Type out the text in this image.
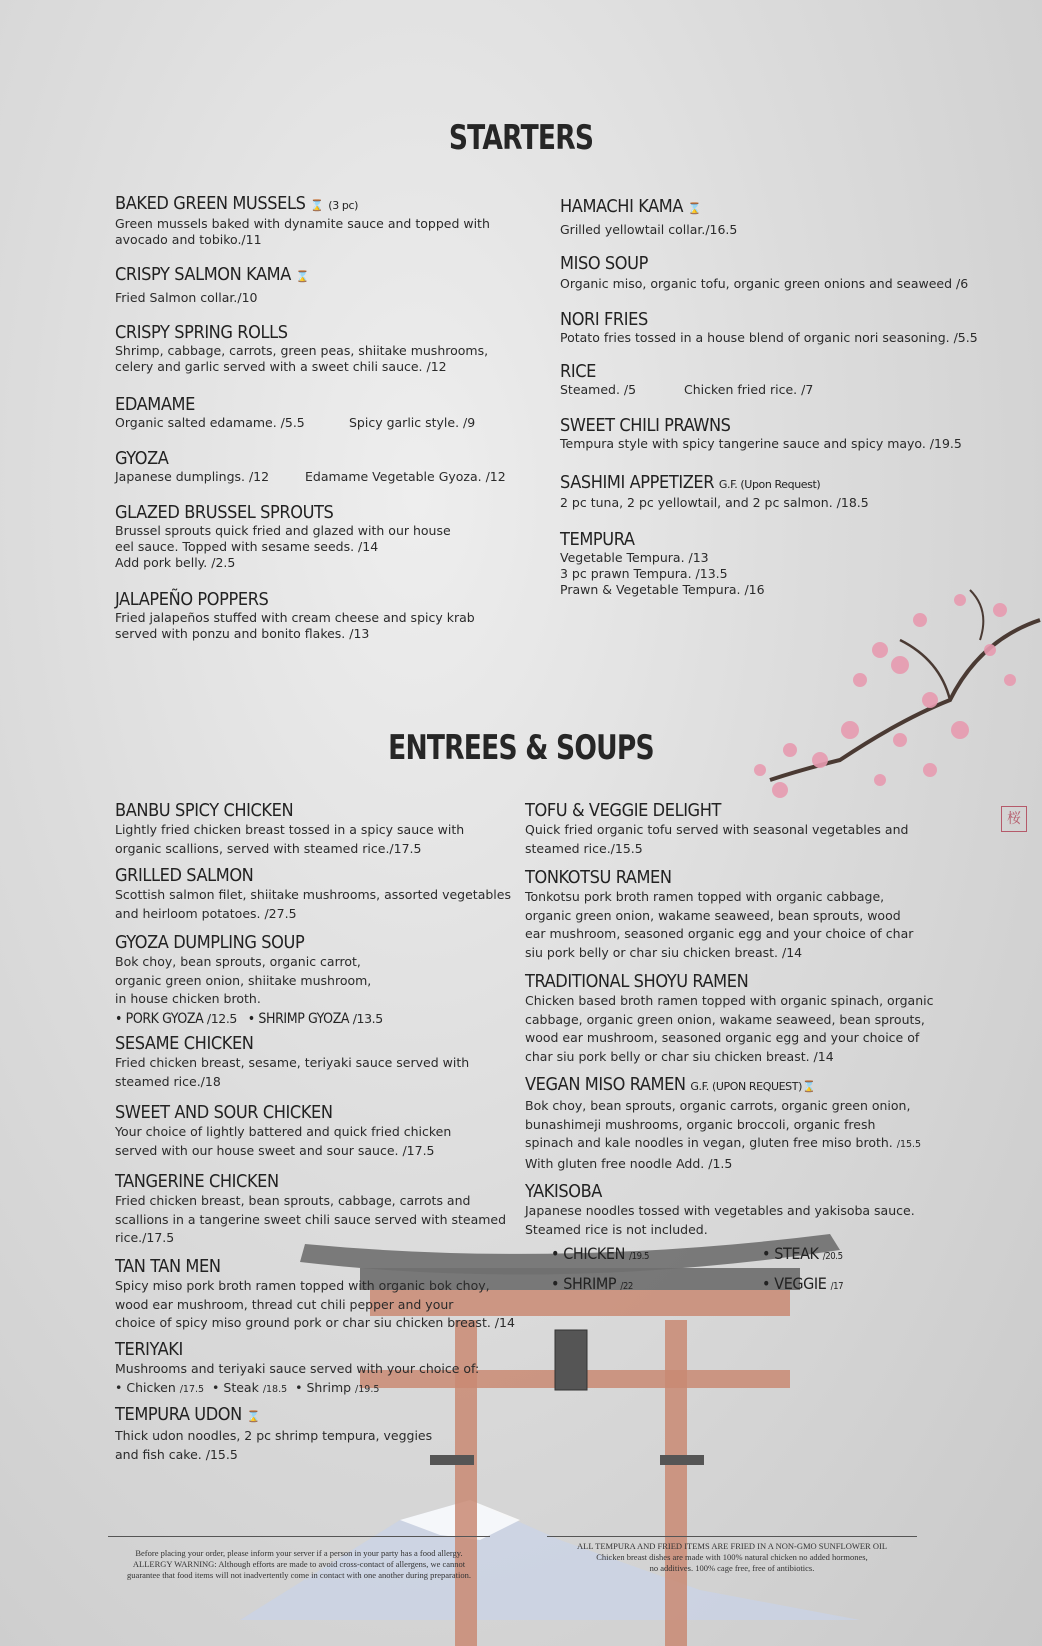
桜
STARTERS
BAKED GREEN MUSSELS ⌛ (3 pc)
Green mussels baked with dynamite sauce and topped with
avocado and tobiko./11
CRISPY SALMON KAMA ⌛
Fried Salmon collar./10
CRISPY SPRING ROLLS
Shrimp, cabbage, carrots, green peas, shiitake mushrooms,
celery and garlic served with a sweet chili sauce. /12
EDAMAME
Organic salted edamame. /5.5	Spicy garlic style. /9
GYOZA
Japanese dumplings. /12	Edamame Vegetable Gyoza. /12
GLAZED BRUSSEL SPROUTS
Brussel sprouts quick fried and glazed with our house
eel sauce. Topped with sesame seeds. /14
Add pork belly. /2.5
JALAPEÑO POPPERS
Fried jalapeños stuffed with cream cheese and spicy krab
served with ponzu and bonito flakes. /13
HAMACHI KAMA ⌛
Grilled yellowtail collar./16.5
MISO SOUP
Organic miso, organic tofu, organic green onions and seaweed /6
NORI FRIES
Potato fries tossed in a house blend of organic nori seasoning. /5.5
RICE
Steamed. /5	Chicken fried rice. /7
SWEET CHILI PRAWNS
Tempura style with spicy tangerine sauce and spicy mayo. /19.5
SASHIMI APPETIZER G.F. (Upon Request)
2 pc tuna, 2 pc yellowtail, and 2 pc salmon. /18.5
TEMPURA
Vegetable Tempura. /13
3 pc prawn Tempura. /13.5
Prawn & Vegetable Tempura. /16
ENTREES & SOUPS
BANBU SPICY CHICKEN
Lightly fried chicken breast tossed in a spicy sauce with
organic scallions, served with steamed rice./17.5
GRILLED SALMON
Scottish salmon filet, shiitake mushrooms, assorted vegetables
and heirloom potatoes. /27.5
GYOZA DUMPLING SOUP
Bok choy, bean sprouts, organic carrot,
organic green onion, shiitake mushroom,
in house chicken broth.
• PORK GYOZA /12.5 • SHRIMP GYOZA /13.5
SESAME CHICKEN
Fried chicken breast, sesame, teriyaki sauce served with
steamed rice./18
SWEET AND SOUR CHICKEN
Your choice of lightly battered and quick fried chicken
served with our house sweet and sour sauce. /17.5
TANGERINE CHICKEN
Fried chicken breast, bean sprouts, cabbage, carrots and
scallions in a tangerine sweet chili sauce served with steamed
rice./17.5
TAN TAN MEN
Spicy miso pork broth ramen topped with organic bok choy,
wood ear mushroom, thread cut chili pepper and your
choice of spicy miso ground pork or char siu chicken breast. /14
TERIYAKI
Mushrooms and teriyaki sauce served with your choice of:
• Chicken /17.5 • Steak /18.5 • Shrimp /19.5
TEMPURA UDON ⌛
Thick udon noodles, 2 pc shrimp tempura, veggies
and fish cake. /15.5
TOFU & VEGGIE DELIGHT
Quick fried organic tofu served with seasonal vegetables and
steamed rice./15.5
TONKOTSU RAMEN
Tonkotsu pork broth ramen topped with organic cabbage,
organic green onion, wakame seaweed, bean sprouts, wood
ear mushroom, seasoned organic egg and your choice of char
siu pork belly or char siu chicken breast. /14
TRADITIONAL SHOYU RAMEN
Chicken based broth ramen topped with organic spinach, organic
cabbage, organic green onion, wakame seaweed, bean sprouts,
wood ear mushroom, seasoned organic egg and your choice of
char siu pork belly or char siu chicken breast. /14
VEGAN MISO RAMEN G.F. (UPON REQUEST)⌛
Bok choy, bean sprouts, organic carrots, organic green onion,
bunashimeji mushrooms, organic broccoli, organic fresh
spinach and kale noodles in vegan, gluten free miso broth. /15.5
With gluten free noodle Add. /1.5
YAKISOBA
Japanese noodles tossed with vegetables and yakisoba sauce.
Steamed rice is not included.
• CHICKEN /19.5	• STEAK /20.5
• SHRIMP /22	• VEGGIE /17
Before placing your order, please inform your server if a person in your party has a food allergy.
ALLERGY WARNING: Although efforts are made to avoid cross-contact of allergens, we cannot
guarantee that food items will not inadvertently come in contact with one another during preparation.
ALL TEMPURA AND FRIED ITEMS ARE FRIED IN A NON-GMO SUNFLOWER OIL
Chicken breast dishes are made with 100% natural chicken no added hormones,
no additives. 100% cage free, free of antibiotics.
